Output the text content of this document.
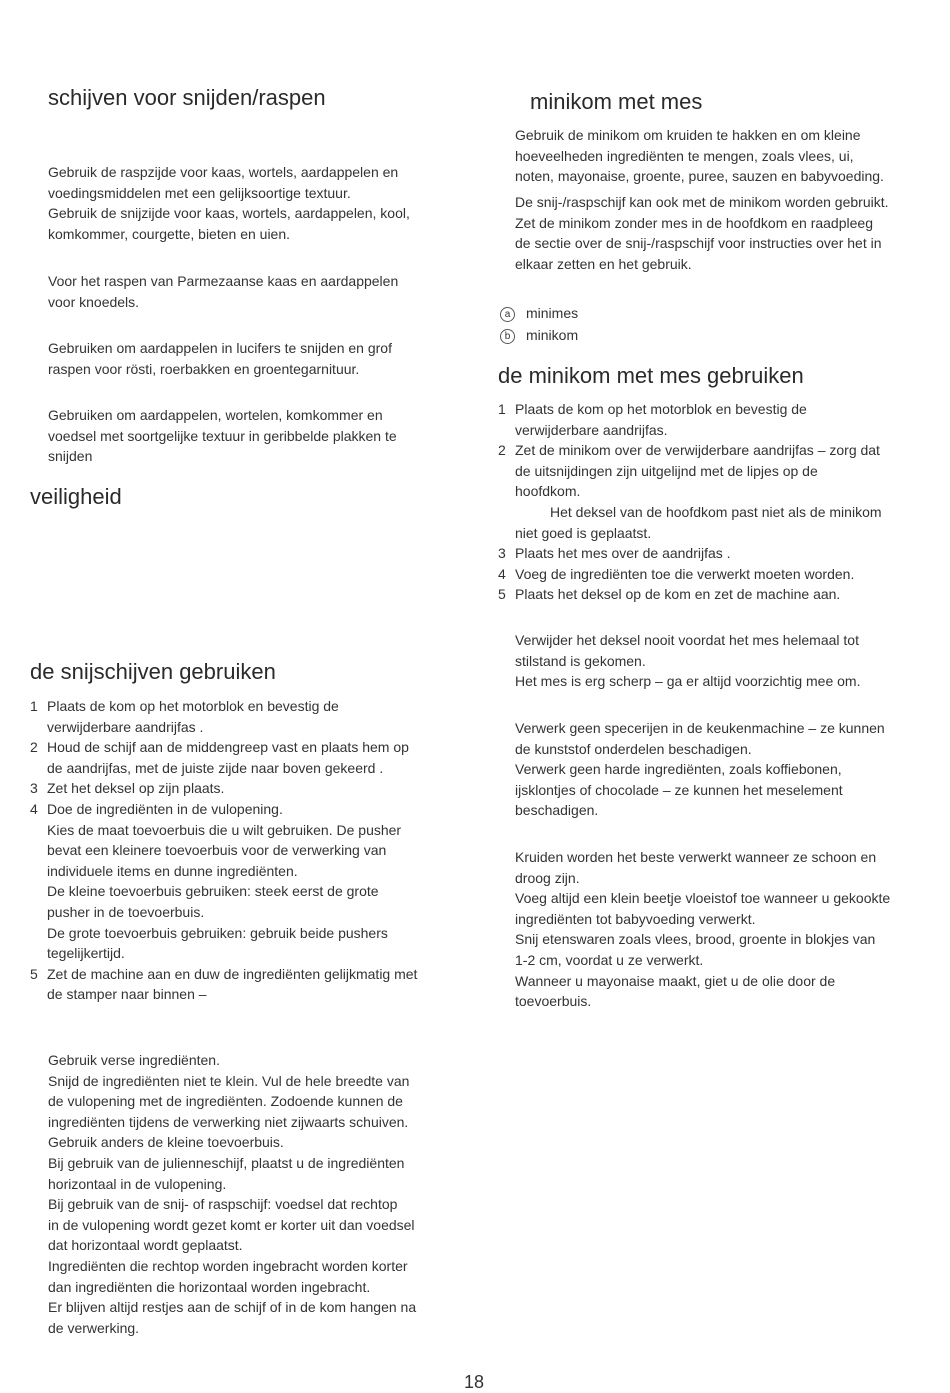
schijven voor snijden/raspen
Gebruik de raspzijde voor kaas, wortels, aardappelen en
voedingsmiddelen met een gelijksoortige textuur.
Gebruik de snijzijde voor kaas, wortels, aardappelen, kool,
komkommer, courgette, bieten en uien.
Voor het raspen van Parmezaanse kaas en aardappelen
voor knoedels.
Gebruiken om aardappelen in lucifers te snijden en grof
raspen voor rösti, roerbakken en groentegarnituur.
Gebruiken om aardappelen, wortelen, komkommer en
voedsel met soortgelijke textuur in geribbelde plakken te
snijden
veiligheid
de snijschijven gebruiken
1 Plaats de kom op het motorblok en bevestig de
verwijderbare aandrijfas .
2 Houd de schijf aan de middengreep vast en plaats hem op
de aandrijfas, met de juiste zijde naar boven gekeerd .
3 Zet het deksel op zijn plaats.
4 Doe de ingrediënten in de vulopening.
Kies de maat toevoerbuis die u wilt gebruiken. De pusher
bevat een kleinere toevoerbuis voor de verwerking van
individuele items en dunne ingrediënten.
De kleine toevoerbuis gebruiken: steek eerst de grote
pusher in de toevoerbuis.
De grote toevoerbuis gebruiken: gebruik beide pushers
tegelijkertijd.
5 Zet de machine aan en duw de ingrediënten gelijkmatig met
de stamper naar binnen –
Gebruik verse ingrediënten.
Snijd de ingrediënten niet te klein. Vul de hele breedte van
de vulopening met de ingrediënten. Zodoende kunnen de
ingrediënten tijdens de verwerking niet zijwaarts schuiven.
Gebruik anders de kleine toevoerbuis.
Bij gebruik van de julienneschijf, plaatst u de ingrediënten
horizontaal in de vulopening.
Bij gebruik van de snij- of raspschijf: voedsel dat rechtop
in de vulopening wordt gezet komt er korter uit dan voedsel
dat horizontaal wordt geplaatst.
Ingrediënten die rechtop worden ingebracht worden korter
dan ingrediënten die horizontaal worden ingebracht.
Er blijven altijd restjes aan de schijf of in de kom hangen na
de verwerking.
minikom met mes
Gebruik de minikom om kruiden te hakken en om kleine
hoeveelheden ingrediënten te mengen, zoals vlees, ui,
noten, mayonaise, groente, puree, sauzen en babyvoeding.
De snij-/raspschijf kan ook met de minikom worden gebruikt.
Zet de minikom zonder mes in de hoofdkom en raadpleeg
de sectie over de snij-/raspschijf voor instructies over het in
elkaar zetten en het gebruik.
a minimes
b minikom
de minikom met mes gebruiken
1 Plaats de kom op het motorblok en bevestig de
verwijderbare aandrijfas.
2 Zet de minikom over de verwijderbare aandrijfas – zorg dat
de uitsnijdingen zijn uitgelijnd met de lipjes op de
hoofdkom.
Het deksel van de hoofdkom past niet als de minikom
niet goed is geplaatst.
3 Plaats het mes over de aandrijfas .
4 Voeg de ingrediënten toe die verwerkt moeten worden.
5 Plaats het deksel op de kom en zet de machine aan.
Verwijder het deksel nooit voordat het mes helemaal tot
stilstand is gekomen.
Het mes is erg scherp – ga er altijd voorzichtig mee om.
Verwerk geen specerijen in de keukenmachine – ze kunnen
de kunststof onderdelen beschadigen.
Verwerk geen harde ingrediënten, zoals koffiebonen,
ijsklontjes of chocolade – ze kunnen het meselement
beschadigen.
Kruiden worden het beste verwerkt wanneer ze schoon en
droog zijn.
Voeg altijd een klein beetje vloeistof toe wanneer u gekookte
ingrediënten tot babyvoeding verwerkt.
Snij etenswaren zoals vlees, brood, groente in blokjes van
1-2 cm, voordat u ze verwerkt.
Wanneer u mayonaise maakt, giet u de olie door de
toevoerbuis.
18
